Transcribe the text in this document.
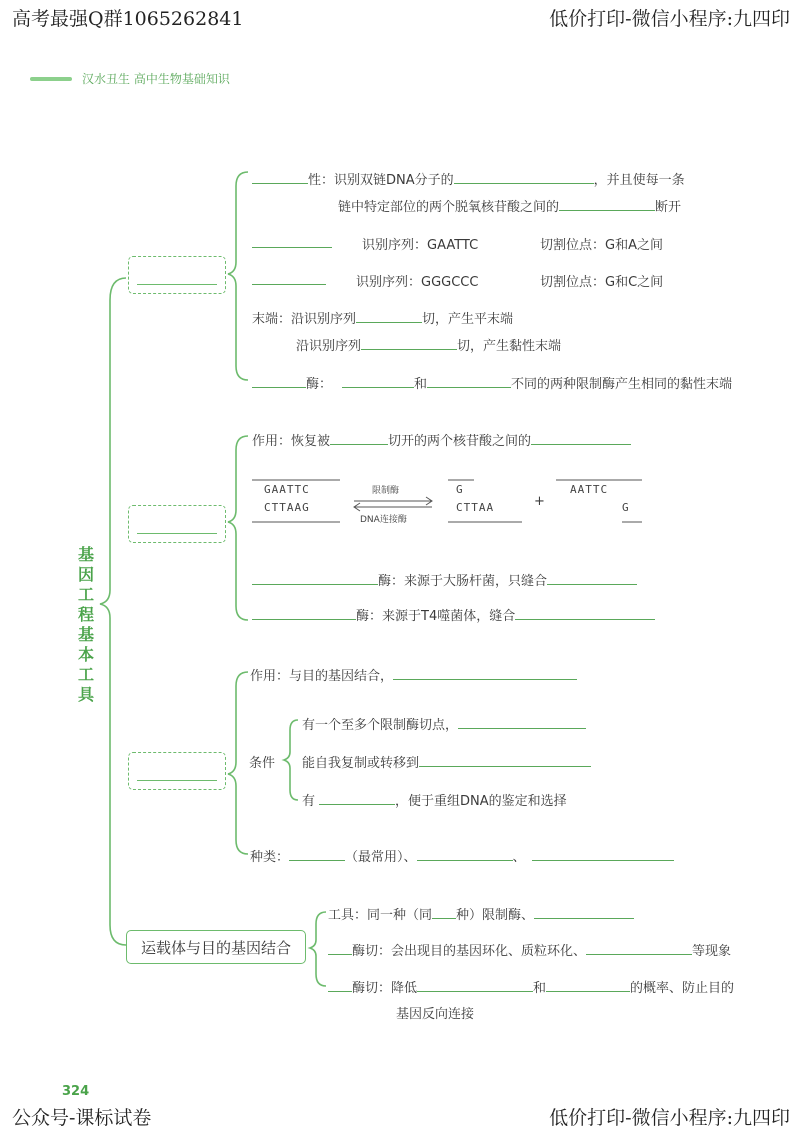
高考最强Q群1065262841	低价打印-微信小程序:九四印
公众号-课标试卷	低价打印-微信小程序:九四印
汉水丑生 高中生物基础知识
基因工程基本工具
运载体与目的基因结合
性：识别双链DNA分子的	，并且使每一条
链中特定部位的两个脱氧核苷酸之间的	断开
识别序列：GAATTC	切割位点：G和A之间
识别序列：GGGCCC	切割位点：G和C之间
末端：沿识别序列	切，产生平末端
沿识别序列	切，产生黏性末端
酶：	和	不同的两种限制酶产生相同的黏性末端
作用：恢复被	切开的两个核苷酸之间的
GAATTC
CTTAAG
限制酶
DNA连接酶
G
CTTAA	+
AATTC
G
酶：来源于大肠杆菌，只缝合
酶：来源于T4噬菌体，缝合
作用：与目的基因结合，
条件
有一个至多个限制酶切点，
能自我复制或转移到
有	，便于重组DNA的鉴定和选择
种类：	（最常用）、	、
工具：同一种（同 种）限制酶、
酶切：会出现目的基因环化、质粒环化、	等现象
酶切：降低	和	的概率、防止目的
基因反向连接
324
